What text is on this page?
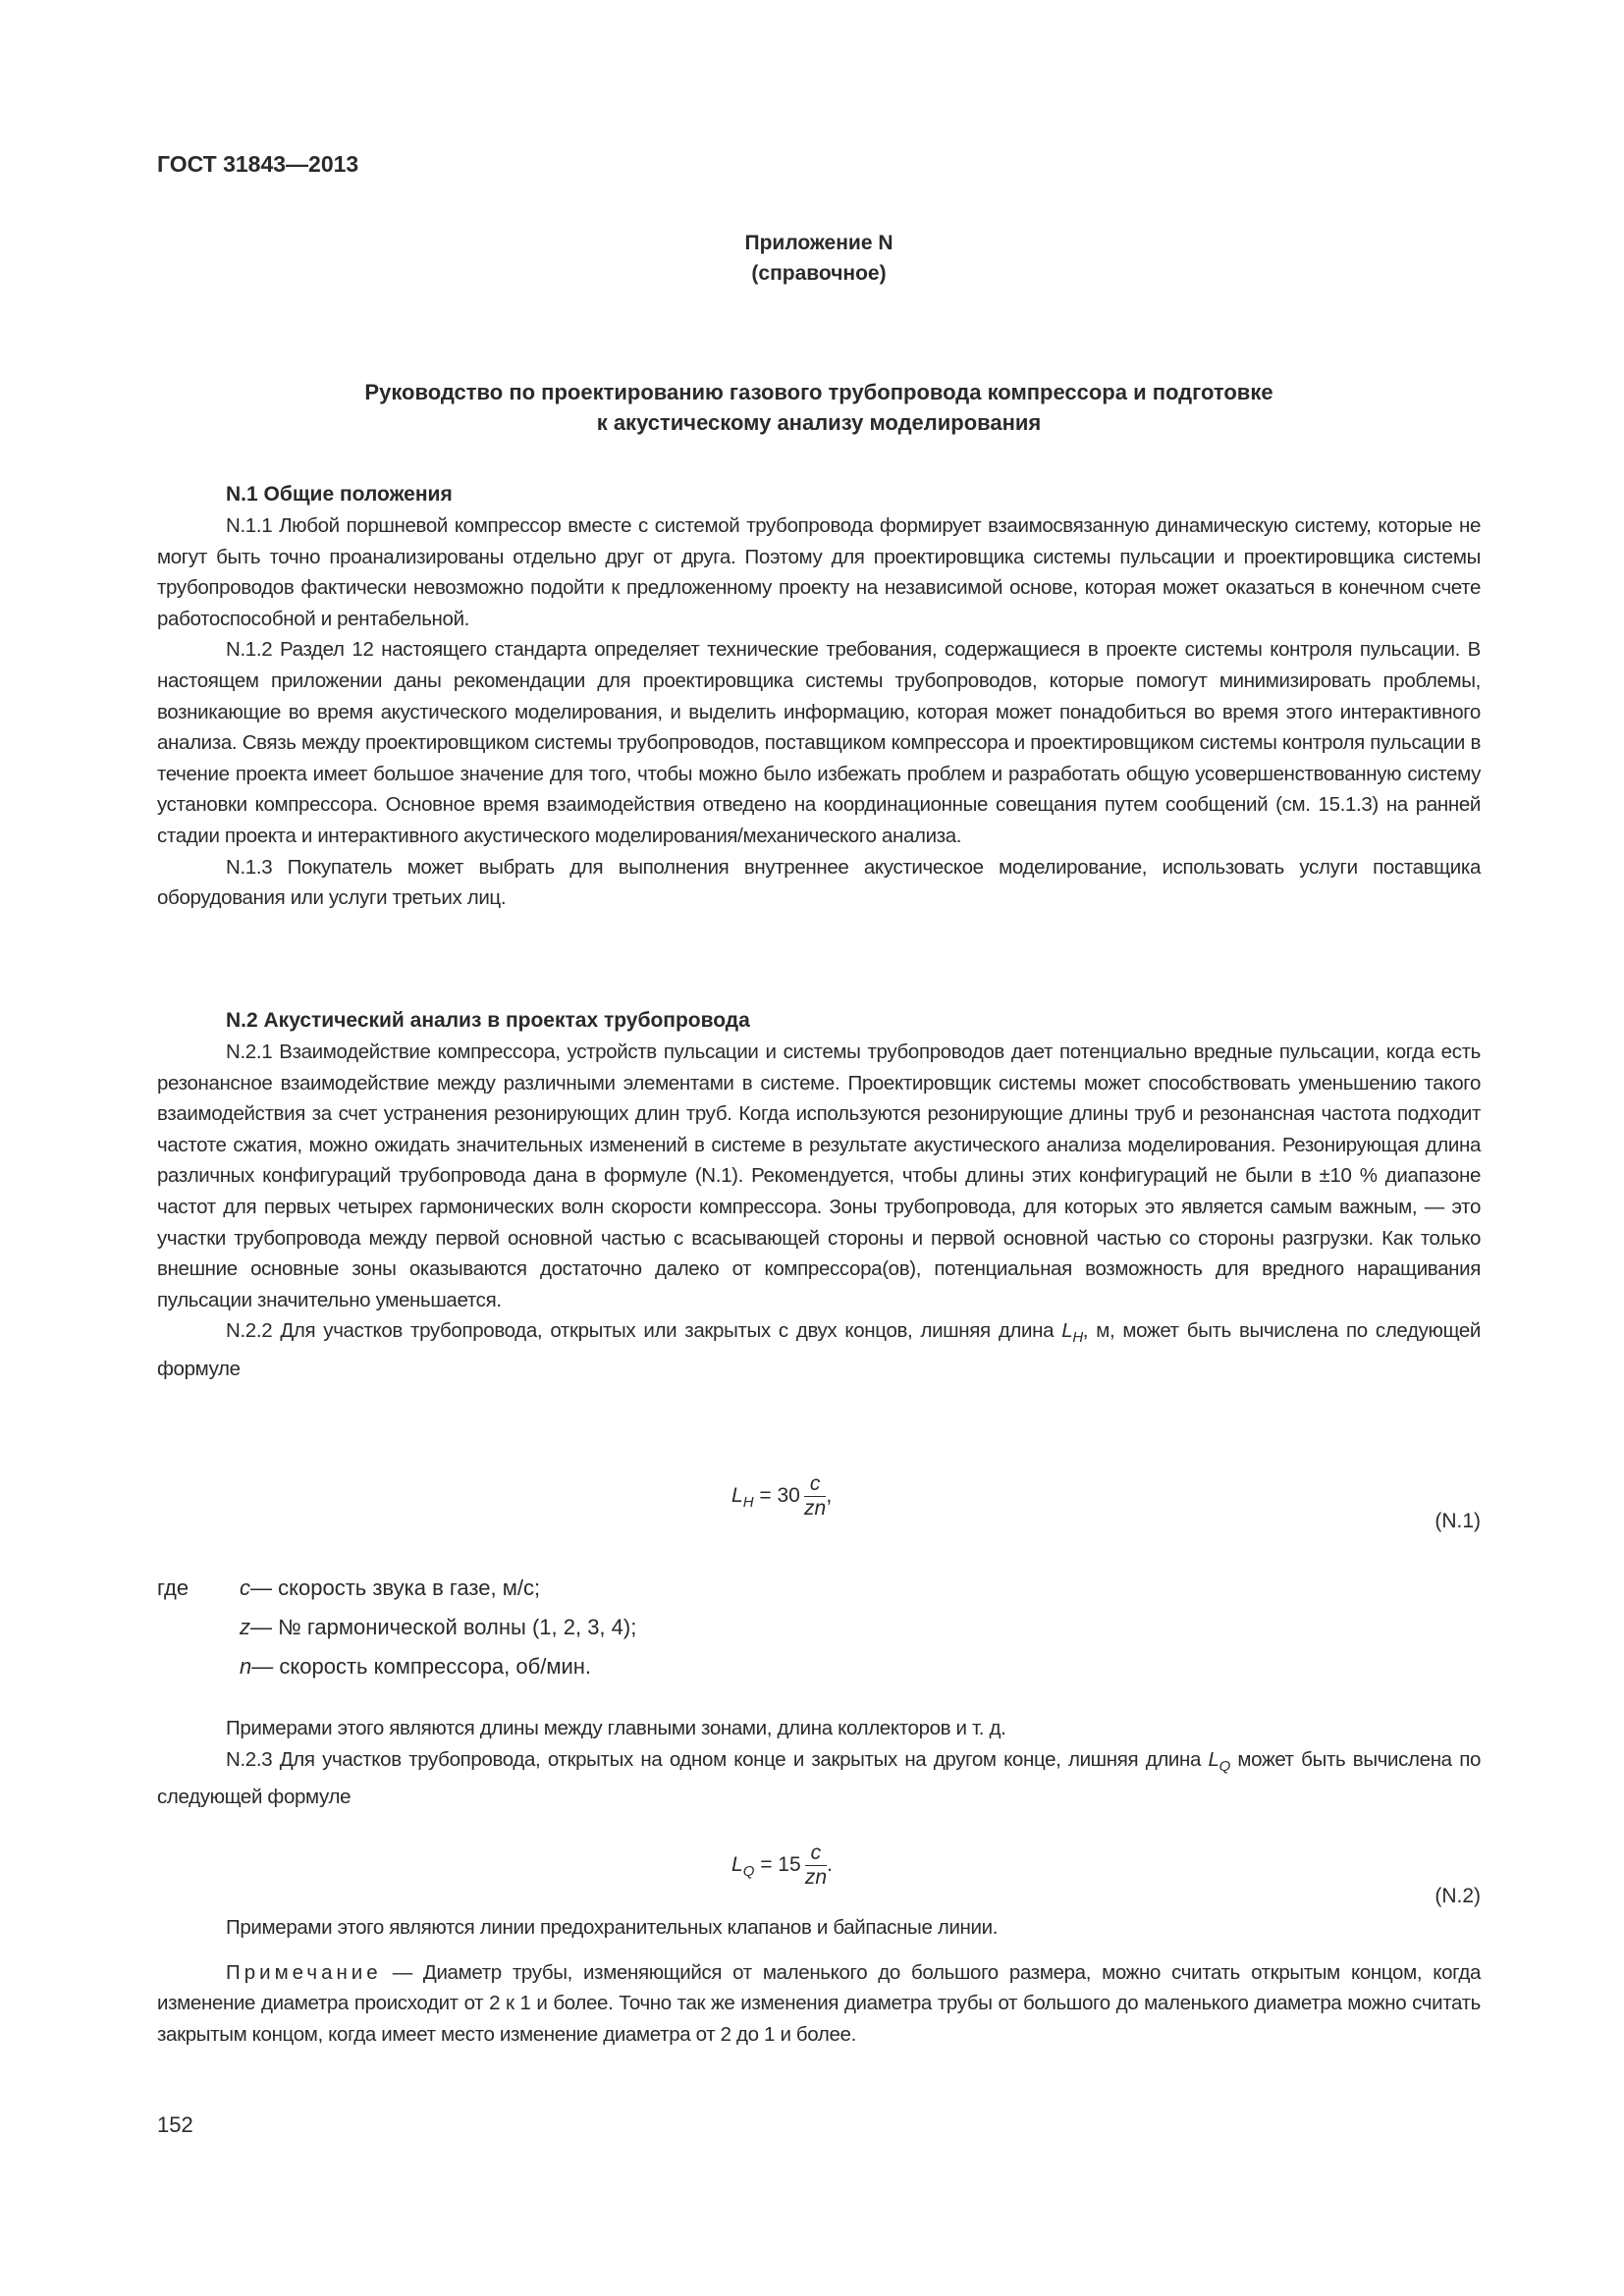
ГОСТ 31843—2013
Приложение N
(справочное)
Руководство по проектированию газового трубопровода компрессора и подготовке
к акустическому анализу моделирования
N.1 Общие положения

N.1.1 Любой поршневой компрессор вместе с системой трубопровода формирует взаимосвязанную динамическую систему, которые не могут быть точно проанализированы отдельно друг от друга. Поэтому для проектировщика системы пульсации и проектировщика системы трубопроводов фактически невозможно подойти к предложенному проекту на независимой основе, которая может оказаться в конечном счете работоспособной и рентабельной.

N.1.2 Раздел 12 настоящего стандарта определяет технические требования, содержащиеся в проекте системы контроля пульсации. В настоящем приложении даны рекомендации для проектировщика системы трубопроводов, которые помогут минимизировать проблемы, возникающие во время акустического моделирования, и выделить информацию, которая может понадобиться во время этого интерактивного анализа. Связь между проектировщиком системы трубопроводов, поставщиком компрессора и проектировщиком системы контроля пульсации в течение проекта имеет большое значение для того, чтобы можно было избежать проблем и разработать общую усовершенствованную систему установки компрессора. Основное время взаимодействия отведено на координационные совещания путем сообщений (см. 15.1.3) на ранней стадии проекта и интерактивного акустического моделирования/механического анализа.

N.1.3 Покупатель может выбрать для выполнения внутреннее акустическое моделирование, использовать услуги поставщика оборудования или услуги третьих лиц.

N.2 Акустический анализ в проектах трубопровода

N.2.1 Взаимодействие компрессора, устройств пульсации и системы трубопроводов дает потенциально вредные пульсации, когда есть резонансное взаимодействие между различными элементами в системе. Проектировщик системы может способствовать уменьшению такого взаимодействия за счет устранения резонирующих длин труб. Когда используются резонирующие длины труб и резонансная частота подходит частоте сжатия, можно ожидать значительных изменений в системе в результате акустического анализа моделирования. Резонирующая длина различных конфигураций трубопровода дана в формуле (N.1). Рекомендуется, чтобы длины этих конфигураций не были в ±10 % диапазоне частот для первых четырех гармонических волн скорости компрессора. Зоны трубопровода, для которых это является самым важным, — это участки трубопровода между первой основной частью с всасывающей стороны и первой основной частью со стороны разгрузки. Как только внешние основные зоны оказываются достаточно далеко от компрессора(ов), потенциальная возможность для вредного наращивания пульсации значительно уменьшается.

N.2.2 Для участков трубопровода, открытых или закрытых с двух концов, лишняя длина $L_H$, м, может быть вычислена по следующей формуле

$L_H = 30 \frac{c}{zn}$ ,
(N.1)
где	c — скорость звука в газе, м/с;
z — № гармонической волны (1, 2, 3, 4);
n — скорость компрессора, об/мин.

Примерами этого являются длины между главными зонами, длина коллекторов и т. д.

N.2.3 Для участков трубопровода, открытых на одном конце и закрытых на другом конце, лишняя длина $L_Q$ может быть вычислена по следующей формуле

$L_Q = 15 \frac{c}{zn}$ .
(N.2)

Примерами этого являются линии предохранительных клапанов и байпасные линии.

Примечание — Диаметр трубы, изменяющийся от маленького до большого размера, можно считать открытым концом, когда изменение диаметра происходит от 2 к 1 и более. Точно так же изменения диаметра трубы от большого до маленького диаметра можно считать закрытым концом, когда имеет место изменение диаметра от 2 до 1 и более.

152
